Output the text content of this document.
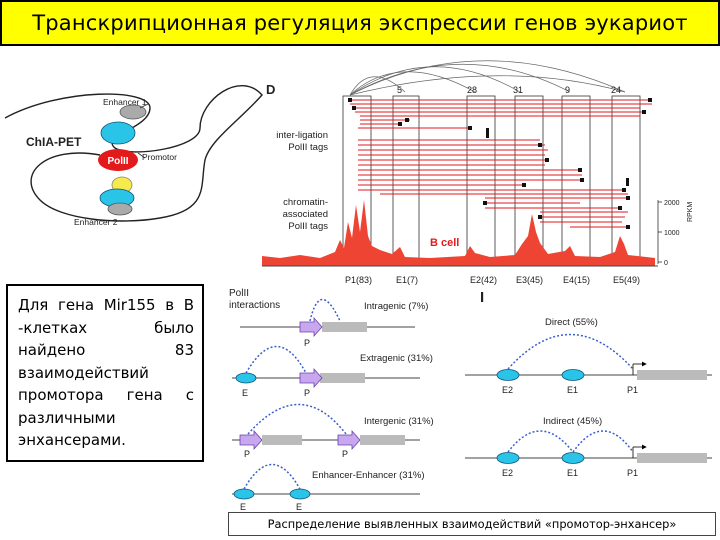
Транскрипционная регуляция экспрессии генов эукариот
PolII
Enhancer 1
ChIA-PET
Promotor
Enhancer 2
D
inter-ligation
PolII tags
chromatin-
associated
PolII tags
5	28	31	9	24
B cell
2000
1000
0
RPKM
P1(83)	E1(7)	E2(42) E3(45) E4(15)	E5(49)
I
PolII
interactions
P
Intragenic (7%)
E	P
Extragenic (31%)
P	P
Intergenic (31%)
E	E
Enhancer-Enhancer (31%)
E2	E1	P1
Direct (55%)
E2	E1	P1
Indirect (45%)

Для гена Mir155 в В -клетках было найдено 83 взаимодействий промотора гена с различными энхансерами.

Распределение выявленных взаимодействий «промотор-энхансер»
